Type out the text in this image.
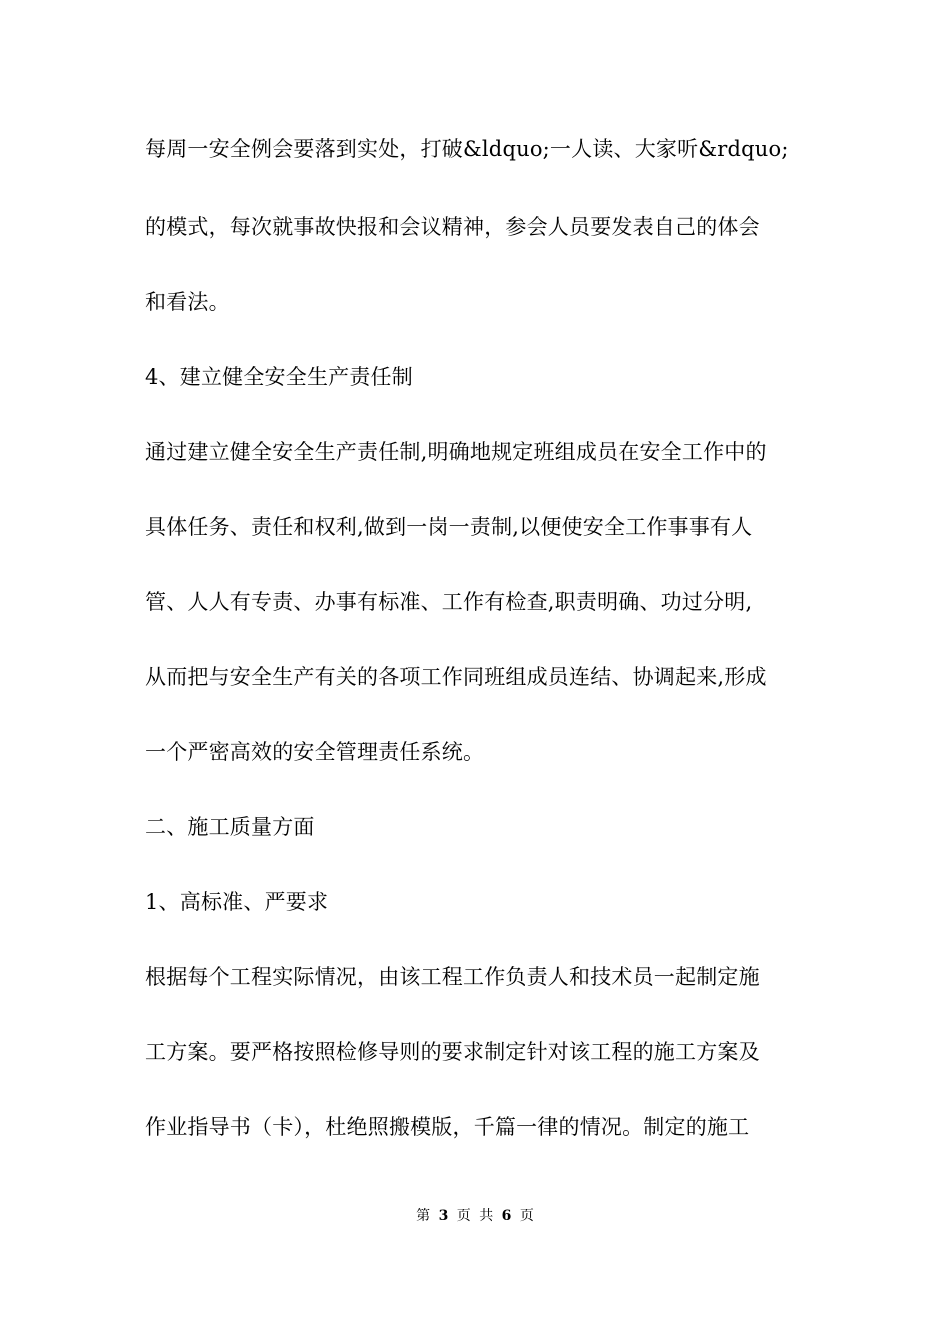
每周一安全例会要落到实处，打破&ldquo;一人读、大家听&rdquo;
的模式，每次就事故快报和会议精神，参会人员要发表自己的体会
和看法。
4、建立健全安全生产责任制
通过建立健全安全生产责任制,明确地规定班组成员在安全工作中的
具体任务、责任和权利,做到一岗一责制,以便使安全工作事事有人
管、人人有专责、办事有标准、工作有检查,职责明确、功过分明,
从而把与安全生产有关的各项工作同班组成员连结、协调起来,形成
一个严密高效的安全管理责任系统。
二、施工质量方面
1、高标准、严要求
根据每个工程实际情况，由该工程工作负责人和技术员一起制定施
工方案。要严格按照检修导则的要求制定针对该工程的施工方案及
作业指导书（卡），杜绝照搬模版，千篇一律的情况。制定的施工
第 3 页 共 6 页
